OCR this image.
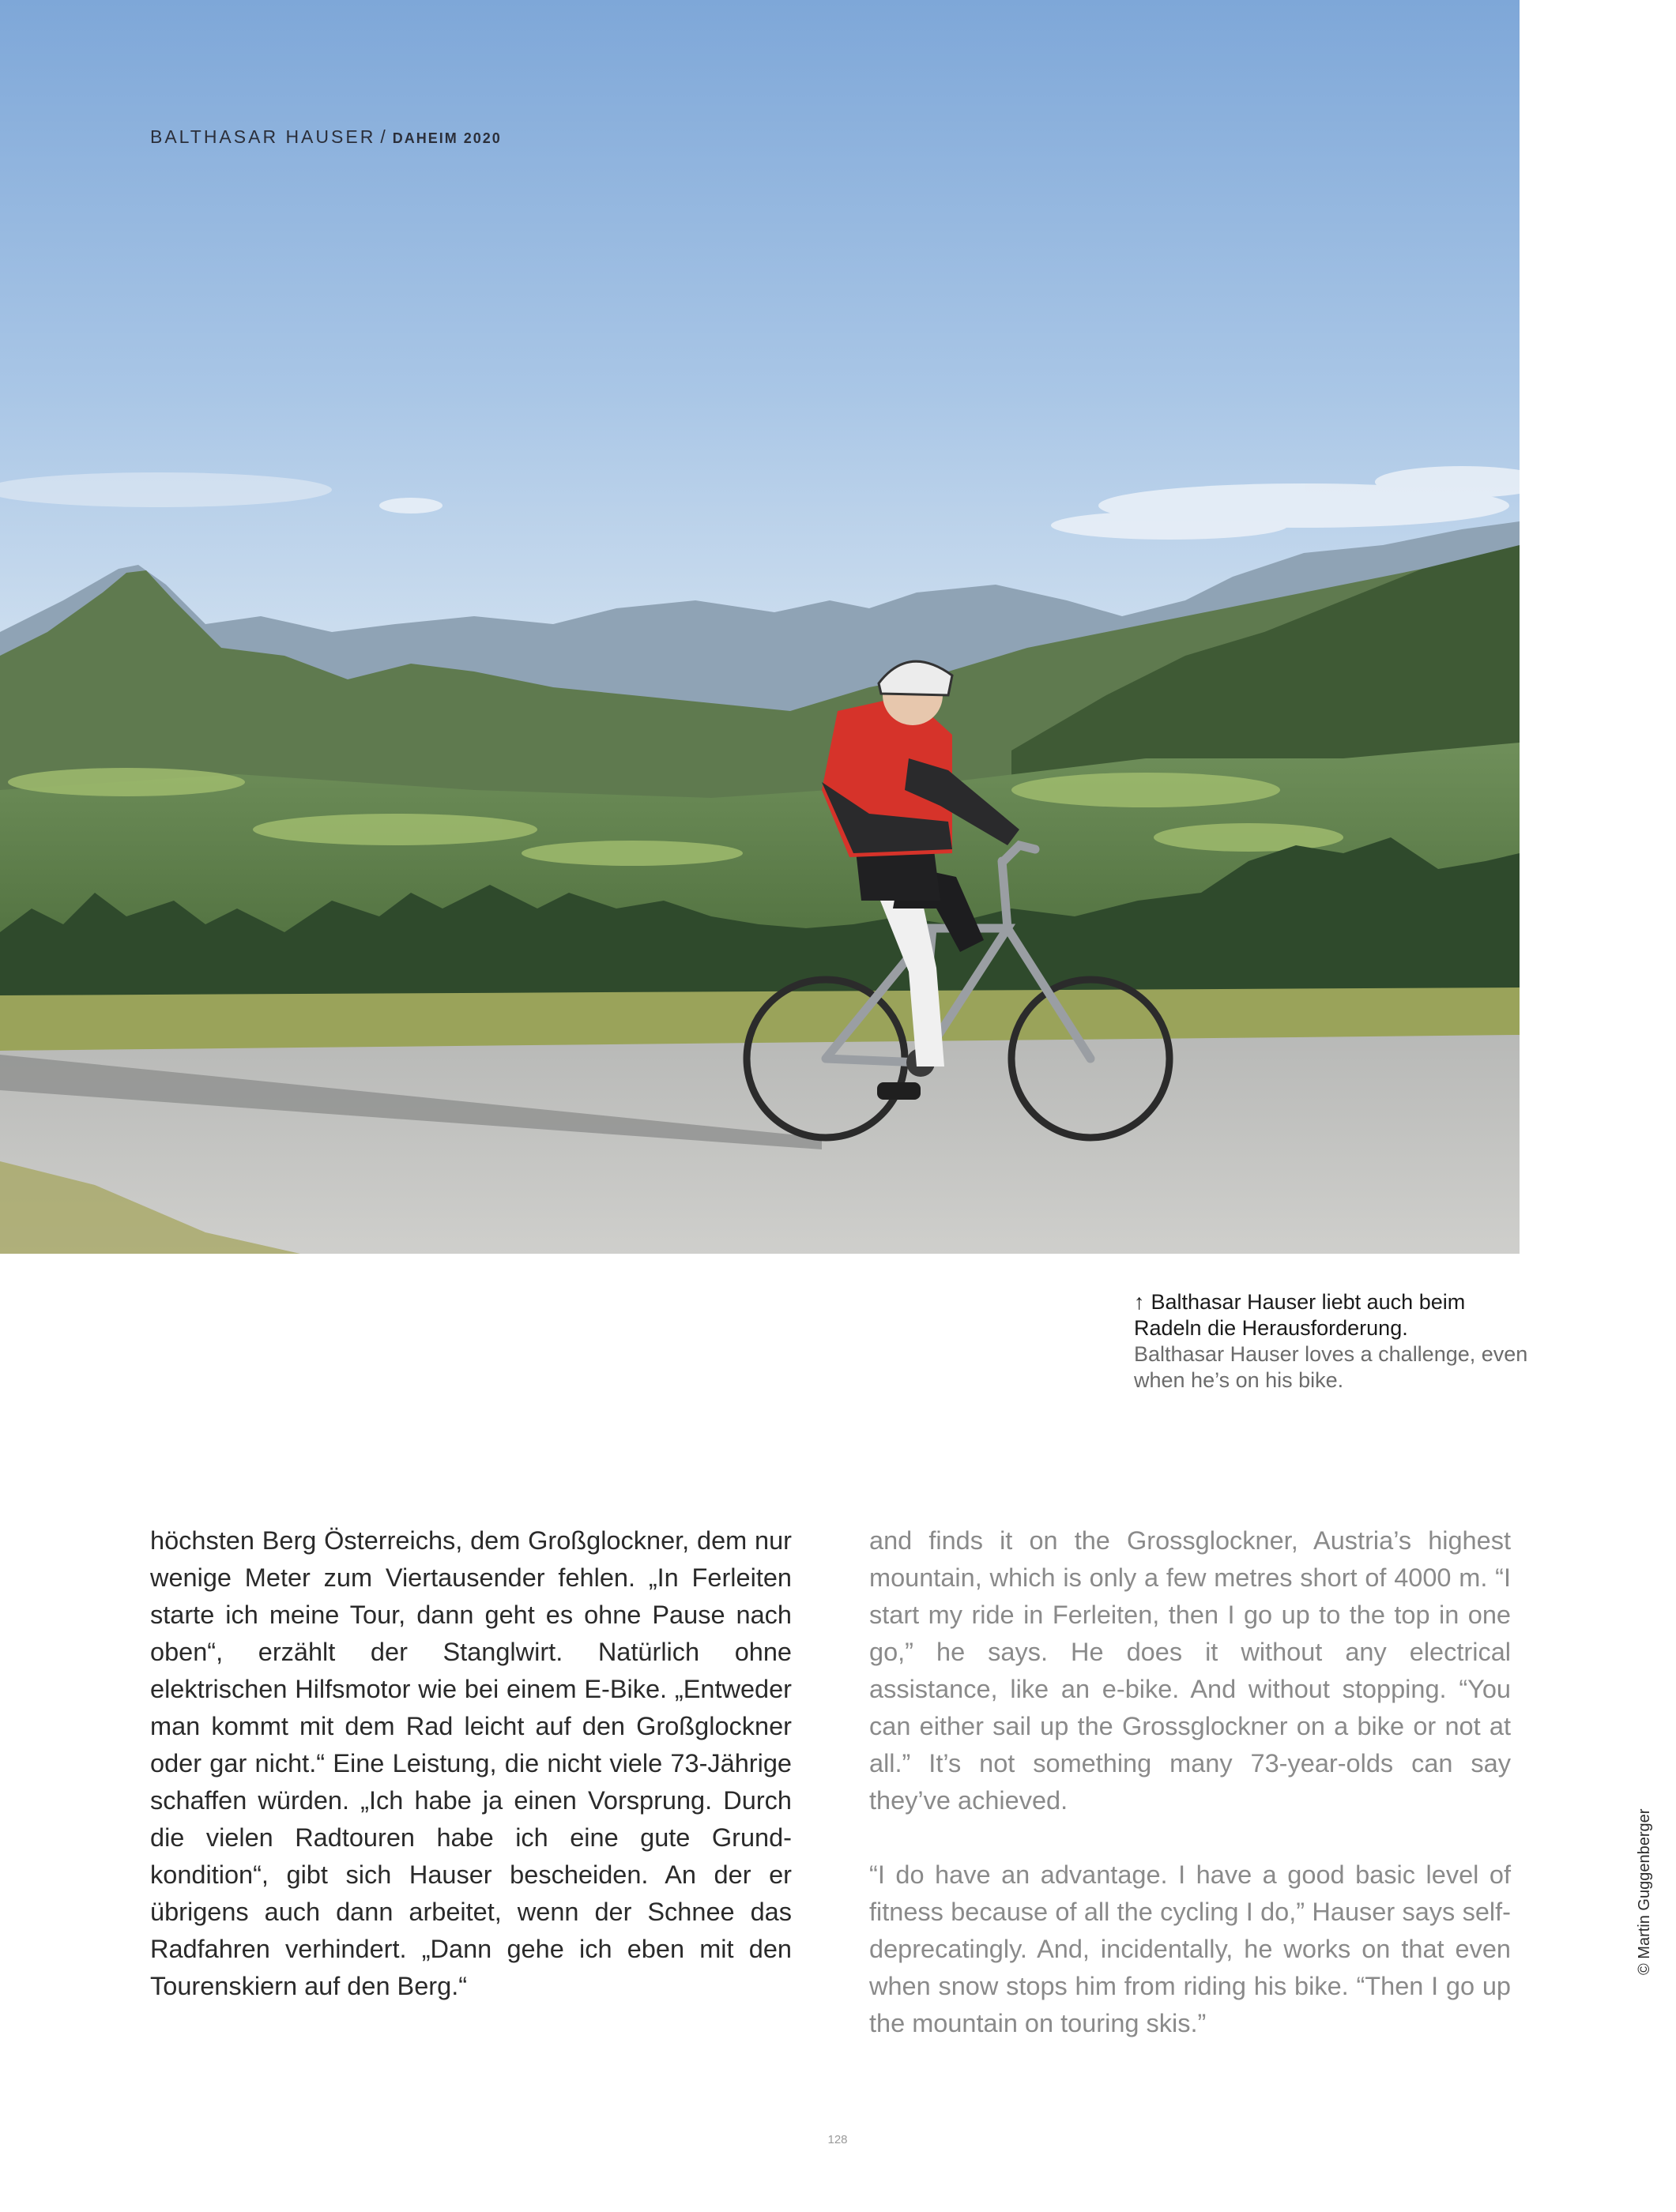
BALTHASAR HAUSER / DAHEIM 2020
↑ Balthasar Hauser liebt auch beim Radeln die Herausforderung.
Balthasar Hauser loves a challenge, even when he’s on his bike.

höchsten Berg Österreichs, dem Großglockner, dem nur wenige Meter zum Viertausender fehlen. „In Ferleiten starte ich meine Tour, dann geht es ohne Pause nach oben“, erzählt der Stanglwirt. Natürlich ohne elektrischen Hilfsmotor wie bei einem E-Bike. „Entweder man kommt mit dem Rad leicht auf den Großglockner oder gar nicht.“ Eine Leistung, die nicht viele 73-Jährige schaffen würden. „Ich habe ja einen Vorsprung. Durch die vielen Radtouren habe ich eine gute Grundkondition“, gibt sich Hauser bescheiden. An der er übrigens auch dann arbeitet, wenn der Schnee das Radfahren verhindert. „Dann gehe ich eben mit den Tourenskiern auf den Berg.“

and finds it on the Grossglockner, Austria’s highest mountain, which is only a few metres short of 4000 m. “I start my ride in Ferleiten, then I go up to the top in one go,” he says. He does it without any electrical assistance, like an e-bike. And without stopping. “You can either sail up the Grossglockner on a bike or not at all.” It’s not something many 73-year-olds can say they’ve achieved.

“I do have an advantage. I have a good basic level of fitness because of all the cycling I do,” Hauser says self-deprecatingly. And, incidentally, he works on that even when snow stops him from riding his bike. “Then I go up the mountain on touring skis.”

© Martin Guggenberger
128
